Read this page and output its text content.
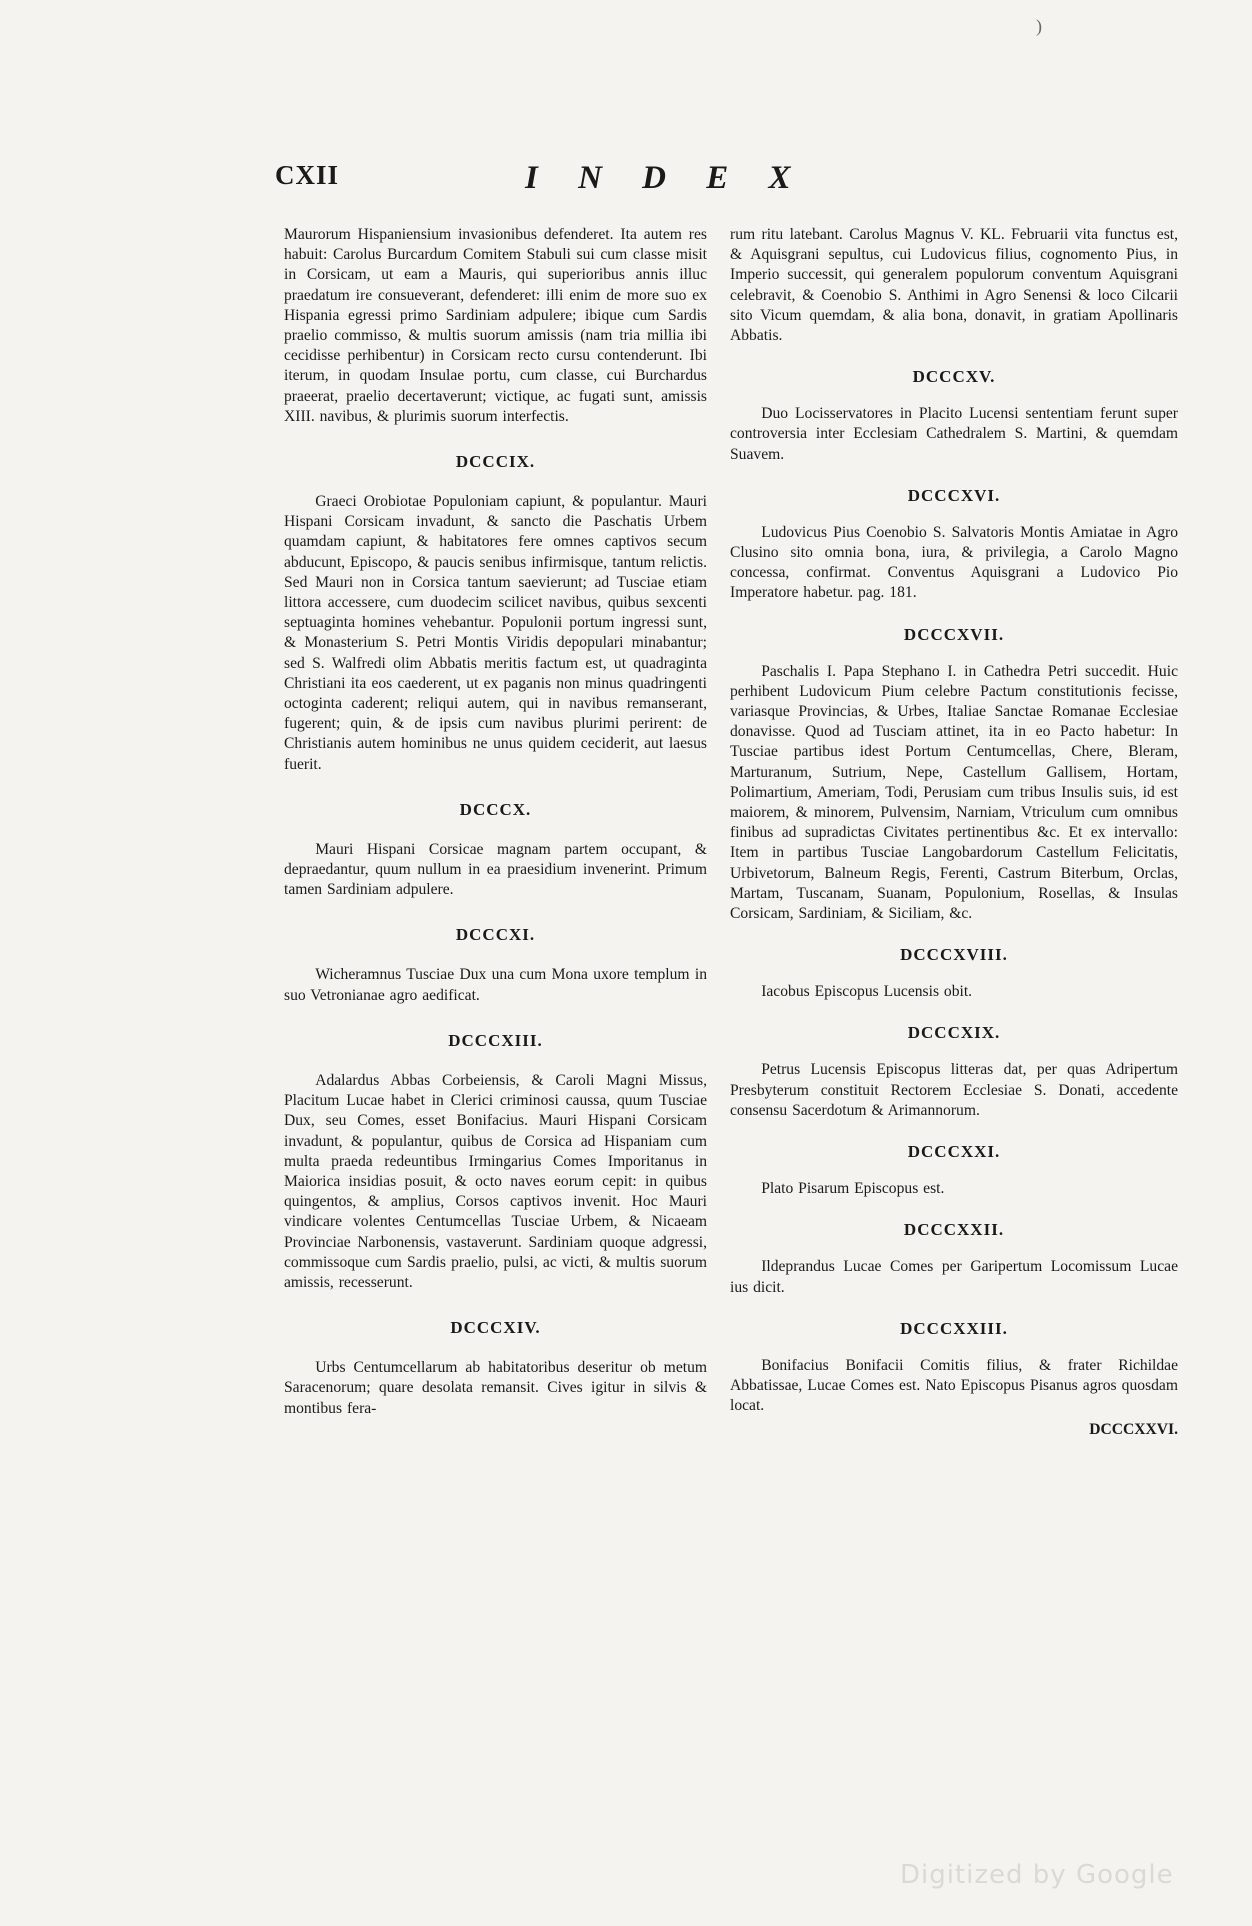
)
CXII	I N D E X

Maurorum Hispaniensium invasionibus defenderet. Ita autem res habuit: Carolus Burcardum Comitem Stabuli sui cum classe misit in Corsicam, ut eam a Mauris, qui superioribus annis illuc praedatum ire consueverant, defenderet: illi enim de more suo ex Hispania egressi primo Sardiniam adpulere; ibique cum Sardis praelio commisso, & multis suorum amissis (nam tria millia ibi cecidisse perhibentur) in Corsicam recto cursu contenderunt. Ibi iterum, in quodam Insulae portu, cum classe, cui Burchardus praeerat, praelio decertaverunt; victique, ac fugati sunt, amissis XIII. navibus, & plurimis suorum interfectis.

DCCCIX.

Graeci Orobiotae Populoniam capiunt, & populantur. Mauri Hispani Corsicam invadunt, & sancto die Paschatis Urbem quamdam capiunt, & habitatores fere omnes captivos secum abducunt, Episcopo, & paucis senibus infirmisque, tantum relictis. Sed Mauri non in Corsica tantum saevierunt; ad Tusciae etiam littora accessere, cum duodecim scilicet navibus, quibus sexcenti septuaginta homines vehebantur. Populonii portum ingressi sunt, & Monasterium S. Petri Montis Viridis depopulari minabantur; sed S. Walfredi olim Abbatis meritis factum est, ut quadraginta Christiani ita eos caederent, ut ex paganis non minus quadringenti octoginta caderent; reliqui autem, qui in navibus remanserant, fugerent; quin, & de ipsis cum navibus plurimi perirent: de Christianis autem hominibus ne unus quidem ceciderit, aut laesus fuerit.

DCCCX.

Mauri Hispani Corsicae magnam partem occupant, & depraedantur, quum nullum in ea praesidium invenerint. Primum tamen Sardiniam adpulere.

DCCCXI.

Wicheramnus Tusciae Dux una cum Mona uxore templum in suo Vetronianae agro aedificat.

DCCCXIII.

Adalardus Abbas Corbeiensis, & Caroli Magni Missus, Placitum Lucae habet in Clerici criminosi caussa, quum Tusciae Dux, seu Comes, esset Bonifacius. Mauri Hispani Corsicam invadunt, & populantur, quibus de Corsica ad Hispaniam cum multa praeda redeuntibus Irmingarius Comes Imporitanus in Maiorica insidias posuit, & octo naves eorum cepit: in quibus quingentos, & amplius, Corsos captivos invenit. Hoc Mauri vindicare volentes Centumcellas Tusciae Urbem, & Nicaeam Provinciae Narbonensis, vastaverunt. Sardiniam quoque adgressi, commissoque cum Sardis praelio, pulsi, ac victi, & multis suorum amissis, recesserunt.

DCCCXIV.

Urbs Centumcellarum ab habitatoribus deseritur ob metum Saracenorum; quare desolata remansit. Cives igitur in silvis & montibus fera-

rum ritu latebant. Carolus Magnus V. KL. Februarii vita functus est, & Aquisgrani sepultus, cui Ludovicus filius, cognomento Pius, in Imperio successit, qui generalem populorum conventum Aquisgrani celebravit, & Coenobio S. Anthimi in Agro Senensi & loco Cilcarii sito Vicum quemdam, & alia bona, donavit, in gratiam Apollinaris Abbatis.

DCCCXV.

Duo Locisservatores in Placito Lucensi sententiam ferunt super controversia inter Ecclesiam Cathedralem S. Martini, & quemdam Suavem.

DCCCXVI.

Ludovicus Pius Coenobio S. Salvatoris Montis Amiatae in Agro Clusino sito omnia bona, iura, & privilegia, a Carolo Magno concessa, confirmat. Conventus Aquisgrani a Ludovico Pio Imperatore habetur. pag. 181.

DCCCXVII.

Paschalis I. Papa Stephano I. in Cathedra Petri succedit. Huic perhibent Ludovicum Pium celebre Pactum constitutionis fecisse, variasque Provincias, & Urbes, Italiae Sanctae Romanae Ecclesiae donavisse. Quod ad Tusciam attinet, ita in eo Pacto habetur: In Tusciae partibus idest Portum Centumcellas, Chere, Bleram, Marturanum, Sutrium, Nepe, Castellum Gallisem, Hortam, Polimartium, Ameriam, Todi, Perusiam cum tribus Insulis suis, id est maiorem, & minorem, Pulvensim, Narniam, Vtriculum cum omnibus finibus ad supradictas Civitates pertinentibus &c. Et ex intervallo: Item in partibus Tusciae Langobardorum Castellum Felicitatis, Urbivetorum, Balneum Regis, Ferenti, Castrum Biterbum, Orclas, Martam, Tuscanam, Suanam, Populonium, Rosellas, & Insulas Corsicam, Sardiniam, & Siciliam, &c.

DCCCXVIII.

Iacobus Episcopus Lucensis obit.

DCCCXIX.

Petrus Lucensis Episcopus litteras dat, per quas Adripertum Presbyterum constituit Rectorem Ecclesiae S. Donati, accedente consensu Sacerdotum & Arimannorum.

DCCCXXI.

Plato Pisarum Episcopus est.

DCCCXXII.

Ildeprandus Lucae Comes per Garipertum Locomissum Lucae ius dicit.

DCCCXXIII.

Bonifacius Bonifacii Comitis filius, & frater Richildae Abbatissae, Lucae Comes est. Nato Episcopus Pisanus agros quosdam locat.

DCCCXXVI.

Digitized by Google
